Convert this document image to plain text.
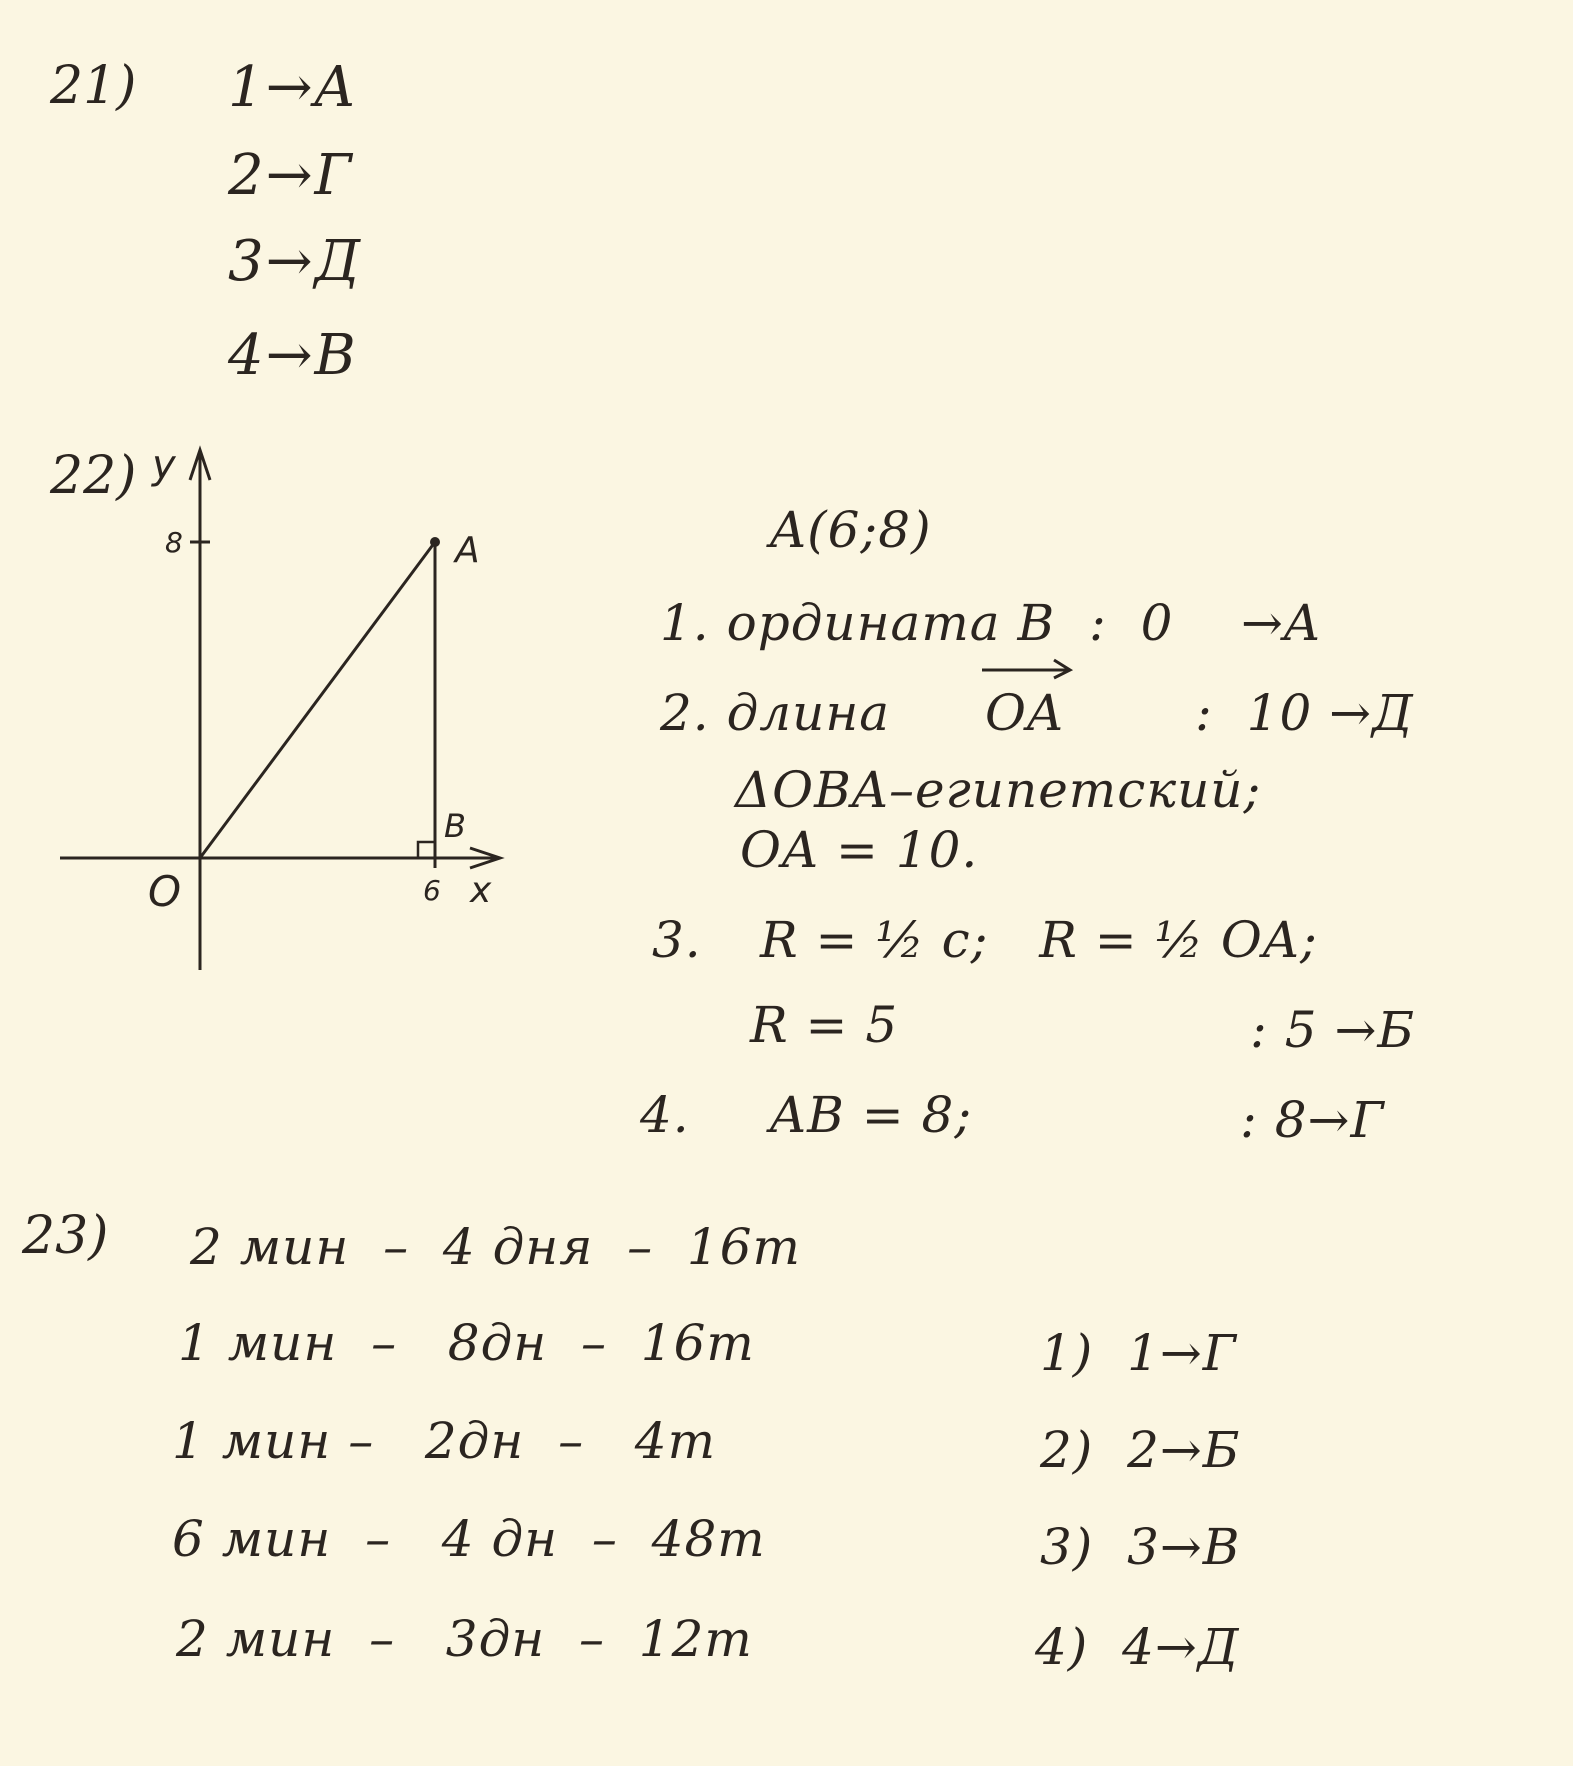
21) 1→A
2→Г
3→Д
4→B
22) y
x
O
8
6
A
B
A(6;8)
1. ордината B  :  0    →A
2. длина OA	:  10 →Д
ΔOBA–египетский;
OA = 10.
3. R = ½ c;   R = ½ OA;
R = 5	: 5 →Б
4. AB = 8;	: 8→Г
23) 2 мин  –  4 дня  –  16т
1 мин  –   8дн  –  16т
1 мин –   2дн  –   4т
6 мин  –   4 дн  –  48т
2 мин  –   3дн  –  12т
1)  1→Г
2)  2→Б
3)  3→B
4)  4→Д
